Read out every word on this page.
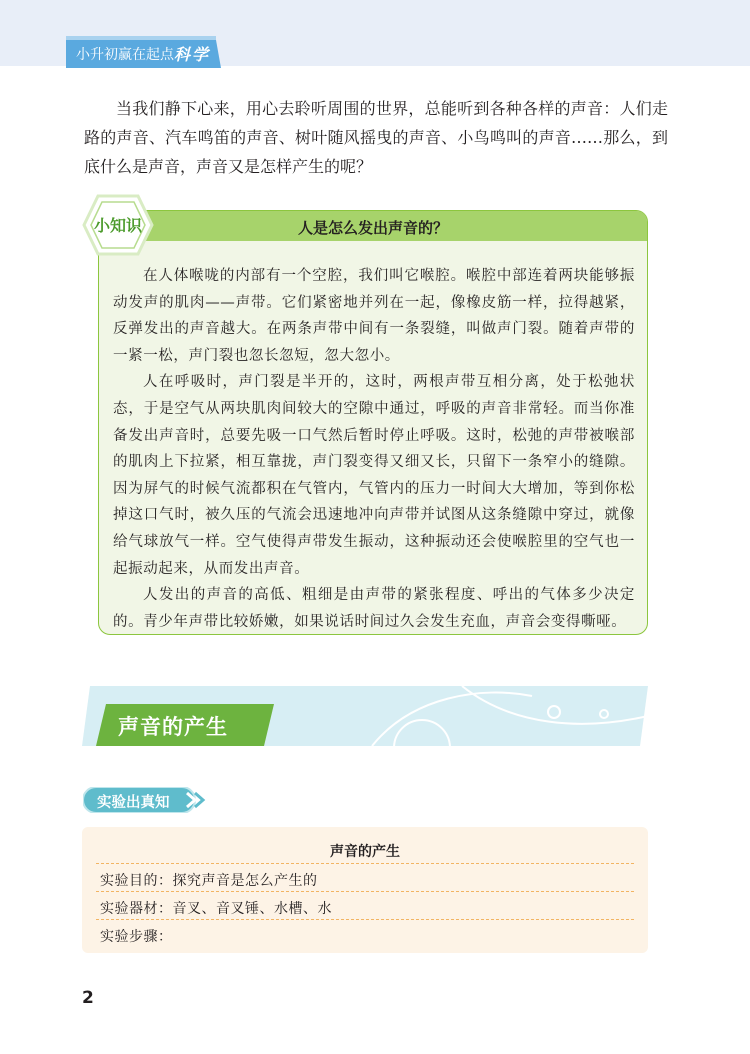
小升初赢在起点 科学

当我们静下心来，用心去聆听周围的世界，总能听到各种各样的声音：人们走路的声音、汽车鸣笛的声音、树叶随风摇曳的声音、小鸟鸣叫的声音……那么，到底什么是声音，声音又是怎样产生的呢？

人是怎么发出声音的？

在人体喉咙的内部有一个空腔，我们叫它喉腔。喉腔中部连着两块能够振动发声的肌肉——声带。它们紧密地并列在一起，像橡皮筋一样，拉得越紧，反弹发出的声音越大。在两条声带中间有一条裂缝，叫做声门裂。随着声带的一紧一松，声门裂也忽长忽短，忽大忽小。

人在呼吸时，声门裂是半开的，这时，两根声带互相分离，处于松弛状态，于是空气从两块肌肉间较大的空隙中通过，呼吸的声音非常轻。而当你准备发出声音时，总要先吸一口气然后暂时停止呼吸。这时，松弛的声带被喉部的肌肉上下拉紧，相互靠拢，声门裂变得又细又长，只留下一条窄小的缝隙。因为屏气的时候气流都积在气管内，气管内的压力一时间大大增加，等到你松掉这口气时，被久压的气流会迅速地冲向声带并试图从这条缝隙中穿过，就像给气球放气一样。空气使得声带发生振动，这种振动还会使喉腔里的空气也一起振动起来，从而发出声音。

人发出的声音的高低、粗细是由声带的紧张程度、呼出的气体多少决定的。青少年声带比较娇嫩，如果说话时间过久会发生充血，声音会变得嘶哑。

小知识
声音的产生
实验出真知
声音的产生
实验目的：探究声音是怎么产生的
实验器材：音叉、音叉锤、水槽、水
实验步骤：
2
